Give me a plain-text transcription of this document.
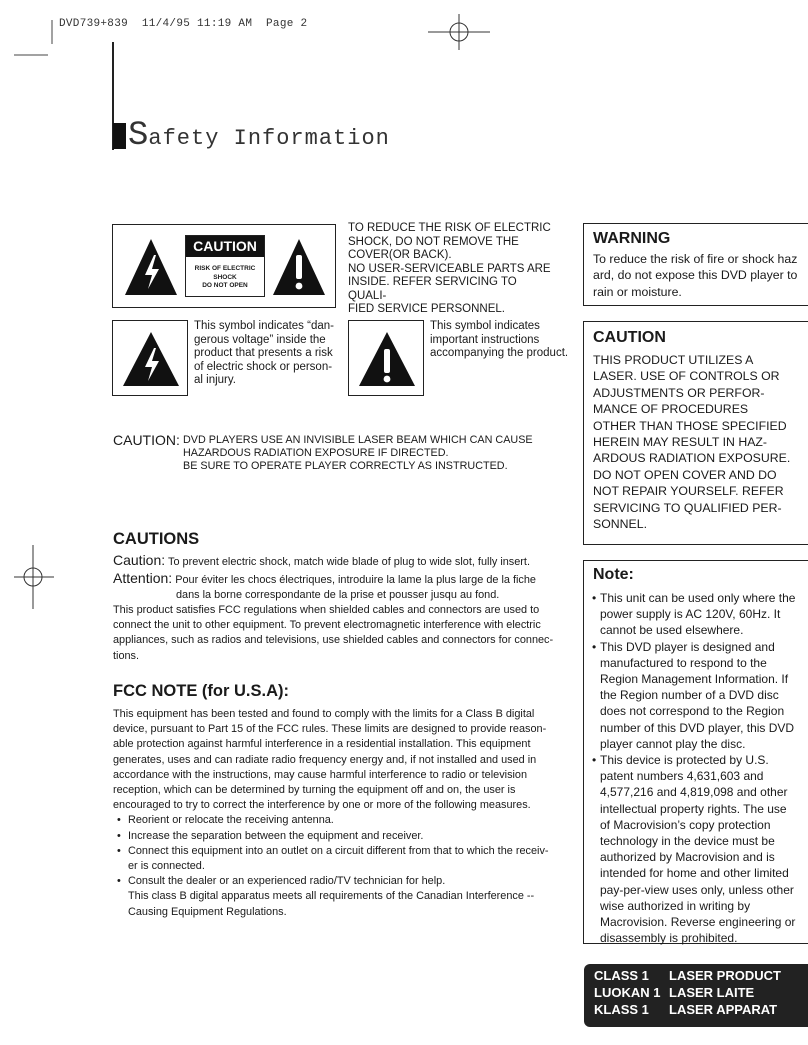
DVD739+839  11/4/95 11:19 AM  Page 2
Safety Information
CAUTION
RISK OF ELECTRIC SHOCK
DO NOT OPEN
TO REDUCE THE RISK OF ELECTRIC
SHOCK, DO NOT REMOVE THE
COVER(OR BACK).
NO USER-SERVICEABLE PARTS ARE
INSIDE. REFER SERVICING TO QUALI-
FIED SERVICE PERSONNEL.
This symbol indicates “dan-
gerous voltage” inside the
product that presents a risk
of electric shock or person-
al injury.
This symbol indicates
important instructions
accompanying the product.
CAUTION: DVD PLAYERS USE AN INVISIBLE LASER BEAM WHICH CAN CAUSE
HAZARDOUS RADIATION EXPOSURE IF DIRECTED.
BE SURE TO OPERATE PLAYER CORRECTLY AS INSTRUCTED.
CAUTIONS
Caution: To prevent electric shock, match wide blade of plug to wide slot, fully insert.
Attention: Pour éviter les chocs électriques, introduire la lame la plus large de la fiche
dans la borne correspondante de la prise et pousser jusqu au fond.
This product satisfies FCC regulations when shielded cables and connectors are used to
connect the unit to other equipment. To prevent electromagnetic interference with electric
appliances, such as radios and televisions, use shielded cables and connectors for connec-
tions.
FCC NOTE (for U.S.A):
This equipment has been tested and found to comply with the limits for a Class B digital
device, pursuant to Part 15 of the FCC rules. These limits are designed to provide reason-
able protection against harmful interference in a residential installation. This equipment
generates, uses and can radiate radio frequency energy and, if not installed and used in
accordance with the instructions, may cause harmful interference to radio or television
reception, which can be determined by turning the equipment off and on, the user is
encouraged to try to correct the interference by one or more of the following measures.
• Reorient or relocate the receiving antenna.
• Increase the separation between the equipment and receiver.
• Connect this equipment into an outlet on a circuit different from that to which the receiv-
er is connected.
• Consult the dealer or an experienced radio/TV technician for help.
This class B digital apparatus meets all requirements of the Canadian Interference --
Causing Equipment Regulations.
WARNING
To reduce the risk of fire or shock haz
ard, do not expose this DVD player to
rain or moisture.
CAUTION
THIS PRODUCT UTILIZES A
LASER. USE OF CONTROLS OR
ADJUSTMENTS OR PERFOR-
MANCE OF PROCEDURES
OTHER THAN THOSE SPECIFIED
HEREIN MAY RESULT IN HAZ-
ARDOUS RADIATION EXPOSURE.
DO NOT OPEN COVER AND DO
NOT REPAIR YOURSELF. REFER
SERVICING TO QUALIFIED PER-
SONNEL.
Note:
• This unit can be used only where the
power supply is AC 120V, 60Hz. It
cannot be used elsewhere.
• This DVD player is designed and
manufactured to respond to the
Region Management Information. If
the Region number of a DVD disc
does not correspond to the Region
number of this DVD player, this DVD
player cannot play the disc.
• This device is protected by U.S.
patent numbers 4,631,603 and
4,577,216 and 4,819,098 and other
intellectual property rights. The use
of Macrovision’s copy protection
technology in the device must be
authorized by Macrovision and is
intended for home and other limited
pay-per-view uses only, unless other
wise authorized in writing by
Macrovision. Reverse engineering or
disassembly is prohibited.
CLASS 1 LASER PRODUCT
LUOKAN 1 LASER LAITE
KLASS 1 LASER APPARAT
